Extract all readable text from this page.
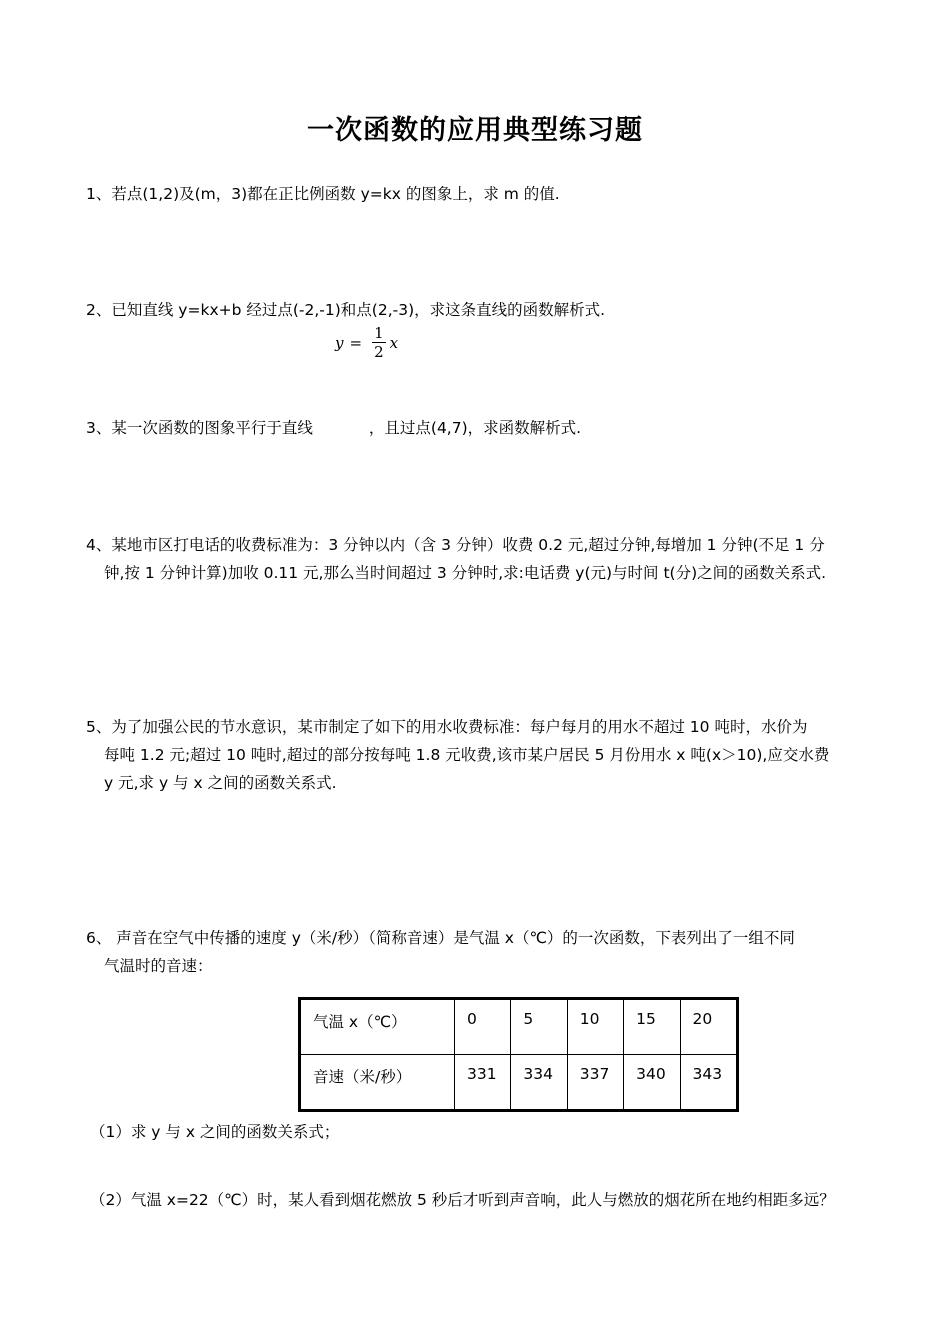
一次函数的应用典型练习题
1、若点(1,2)及(m，3)都在正比例函数 y=kx 的图象上，求 m 的值.
2、已知直线 y=kx+b 经过点(-2,-1)和点(2,-3)，求这条直线的函数解析式.
$y = \frac{1}{2}$ x
3、某一次函数的图象平行于直线	，且过点(4,7)，求函数解析式.
4、某地市区打电话的收费标准为：3 分钟以内（含 3 分钟）收费 0.2 元,超过分钟,每增加 1 分钟(不足 1 分
钟,按 1 分钟计算)加收 0.11 元,那么当时间超过 3 分钟时,求:电话费 y(元)与时间 t(分)之间的函数关系式.
5、为了加强公民的节水意识，某市制定了如下的用水收费标准：每户每月的用水不超过 10 吨时，水价为
每吨 1.2 元;超过 10 吨时,超过的部分按每吨 1.8 元收费,该市某户居民 5 月份用水 x 吨(x＞10),应交水费
y 元,求 y 与 x 之间的函数关系式.
6、 声音在空气中传播的速度 y（米/秒）（简称音速）是气温 x（℃）的一次函数，下表列出了一组不同
气温时的音速：
气温 x（℃）	0	5	10	15	20
音速（米/秒）	331	334	337	340	343
（1）求 y 与 x 之间的函数关系式；
（2）气温 x=22（℃）时，某人看到烟花燃放 5 秒后才听到声音响，此人与燃放的烟花所在地约相距多远？
